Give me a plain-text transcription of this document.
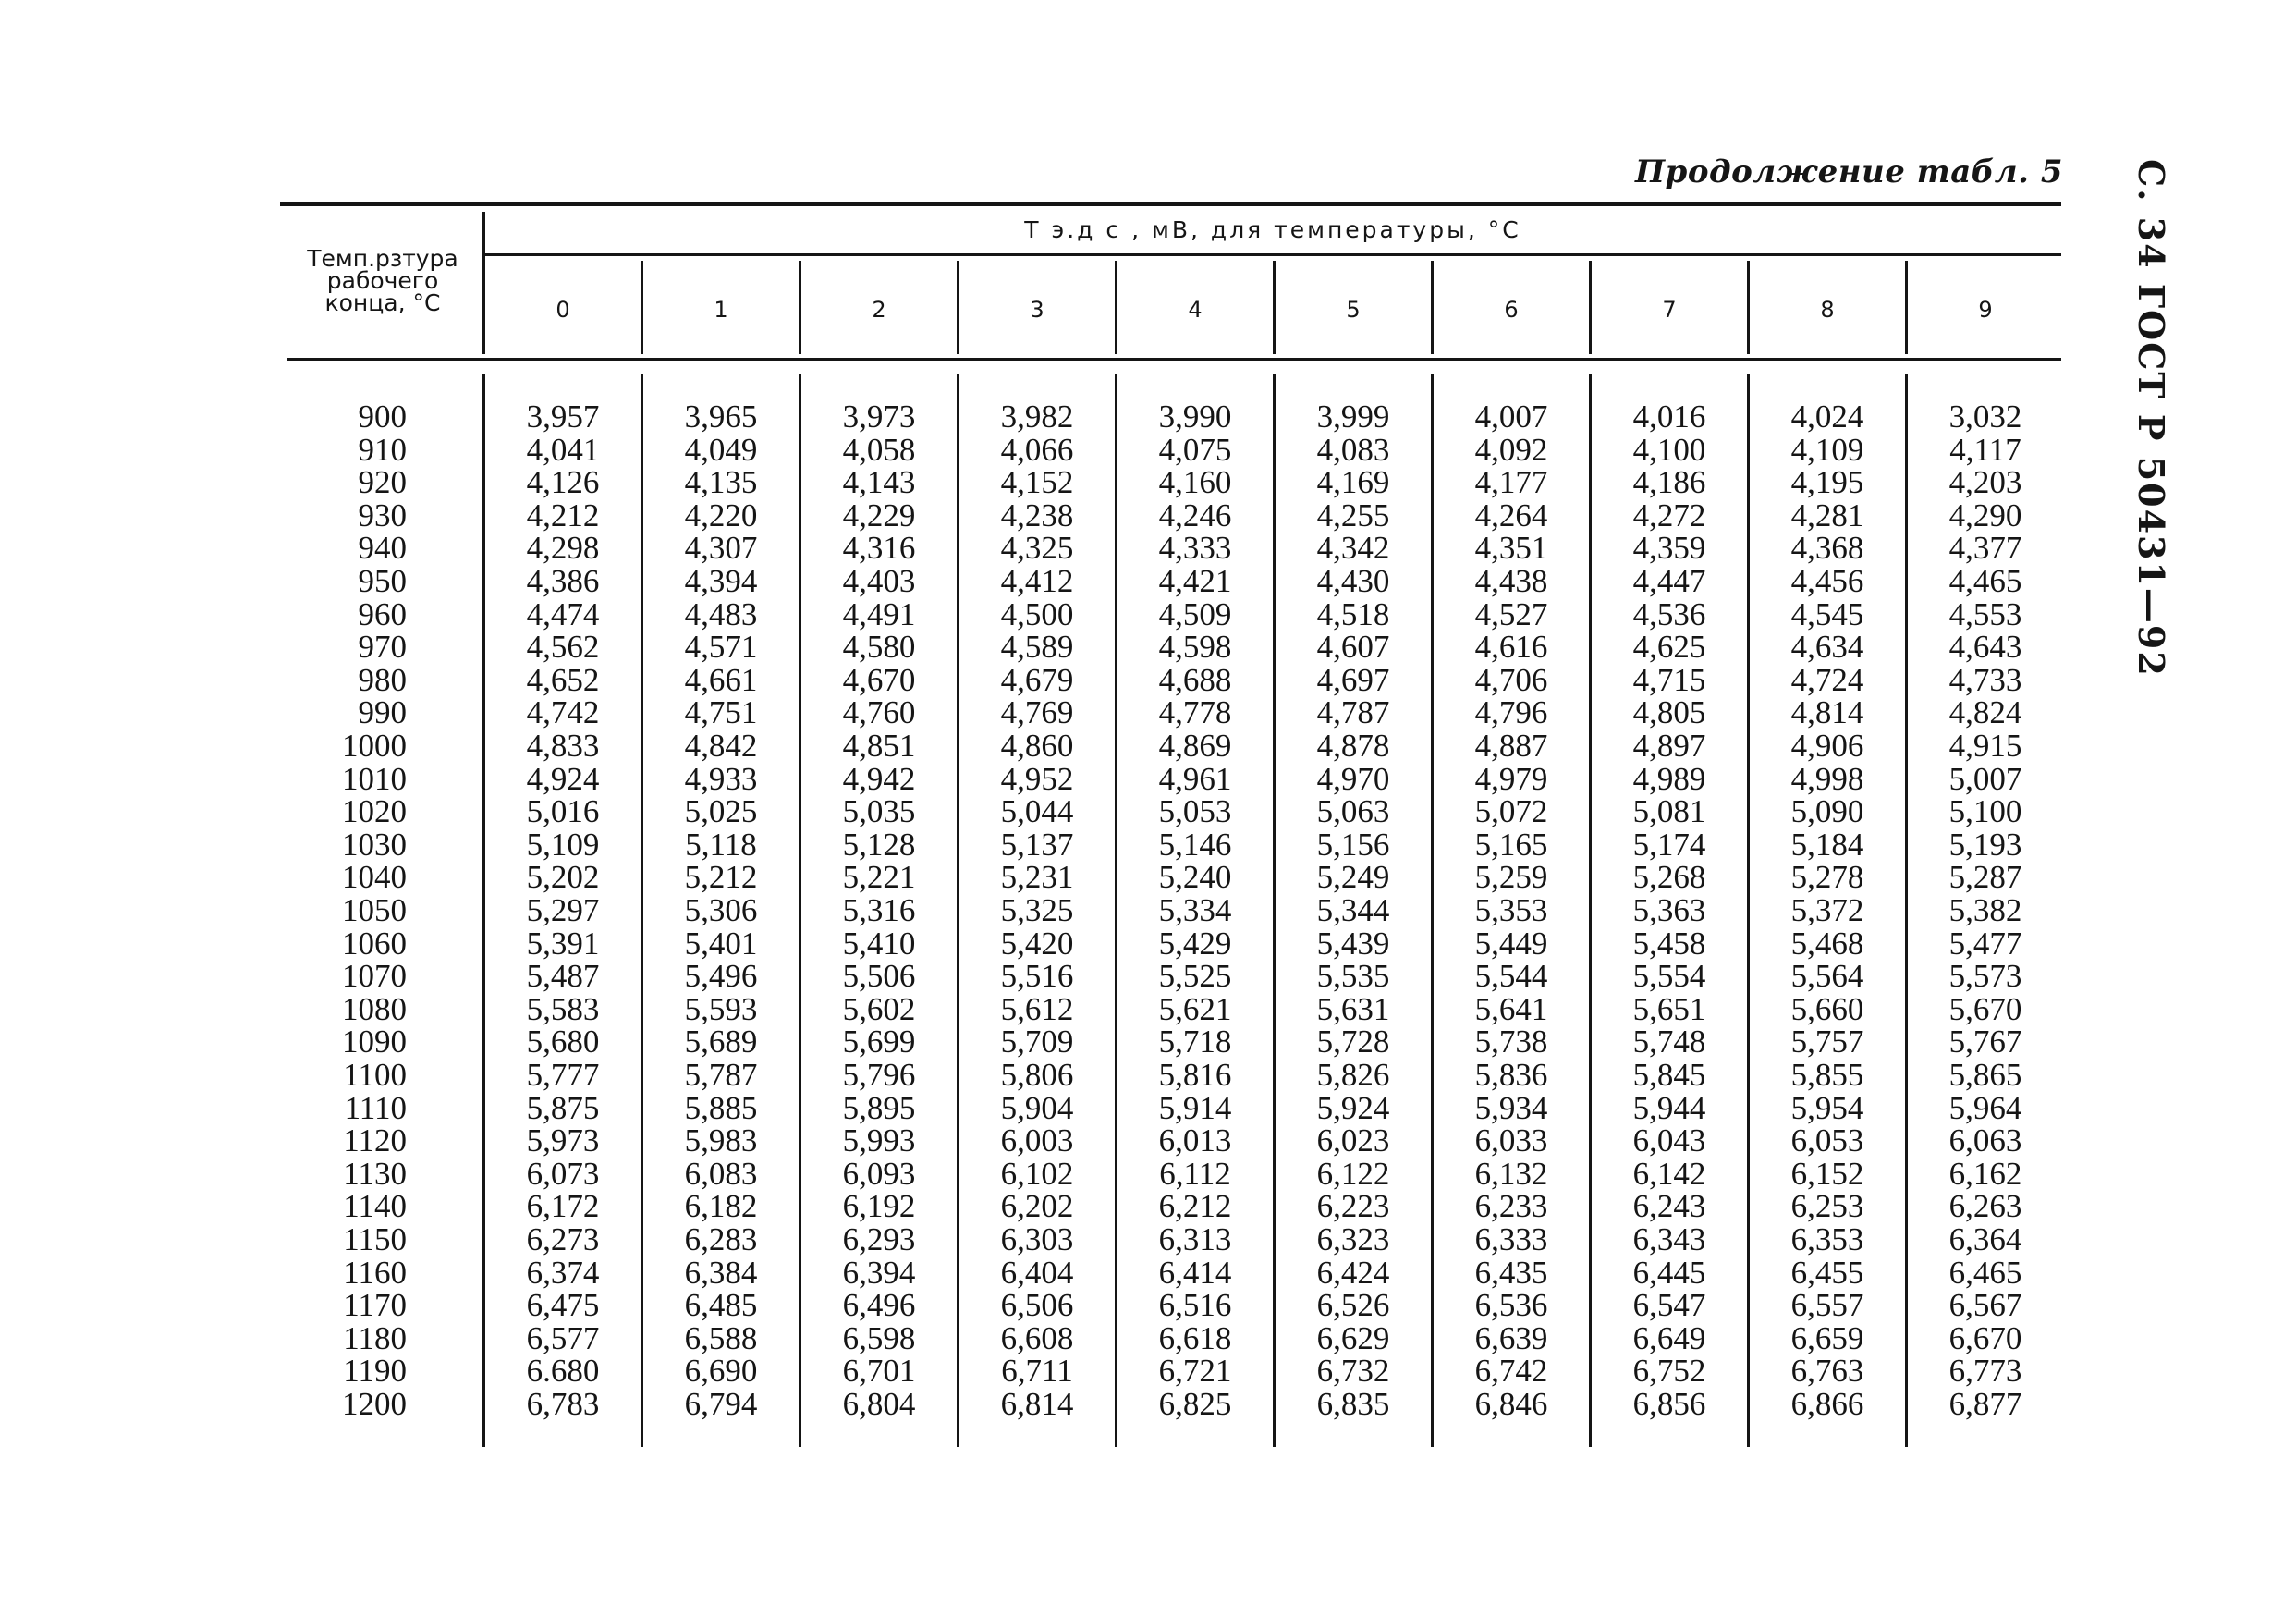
Продолжение табл. 5 С. 34 ГОСТ Р 50431—92
Т э.д с , мВ, для температуры, °С
Темп.рзтура
рабочего
конца, °С	0	1	2	3	4	5	6	7	8	9
900	3,957	3,965	3,973	3,982	3,990	3,999	4,007	4,016	4,024	3,032
910	4,041	4,049	4,058	4,066	4,075	4,083	4,092	4,100	4,109	4,117
920	4,126	4,135	4,143	4,152	4,160	4,169	4,177	4,186	4,195	4,203
930	4,212	4,220	4,229	4,238	4,246	4,255	4,264	4,272	4,281	4,290
940	4,298	4,307	4,316	4,325	4,333	4,342	4,351	4,359	4,368	4,377
950	4,386	4,394	4,403	4,412	4,421	4,430	4,438	4,447	4,456	4,465
960	4,474	4,483	4,491	4,500	4,509	4,518	4,527	4,536	4,545	4,553
970	4,562	4,571	4,580	4,589	4,598	4,607	4,616	4,625	4,634	4,643
980	4,652	4,661	4,670	4,679	4,688	4,697	4,706	4,715	4,724	4,733
990	4,742	4,751	4,760	4,769	4,778	4,787	4,796	4,805	4,814	4,824
1000	4,833	4,842	4,851	4,860	4,869	4,878	4,887	4,897	4,906	4,915
1010	4,924	4,933	4,942	4,952	4,961	4,970	4,979	4,989	4,998	5,007
1020	5,016	5,025	5,035	5,044	5,053	5,063	5,072	5,081	5,090	5,100
1030	5,109	5,118	5,128	5,137	5,146	5,156	5,165	5,174	5,184	5,193
1040	5,202	5,212	5,221	5,231	5,240	5,249	5,259	5,268	5,278	5,287
1050	5,297	5,306	5,316	5,325	5,334	5,344	5,353	5,363	5,372	5,382
1060	5,391	5,401	5,410	5,420	5,429	5,439	5,449	5,458	5,468	5,477
1070	5,487	5,496	5,506	5,516	5,525	5,535	5,544	5,554	5,564	5,573
1080	5,583	5,593	5,602	5,612	5,621	5,631	5,641	5,651	5,660	5,670
1090	5,680	5,689	5,699	5,709	5,718	5,728	5,738	5,748	5,757	5,767
1100	5,777	5,787	5,796	5,806	5,816	5,826	5,836	5,845	5,855	5,865
1110	5,875	5,885	5,895	5,904	5,914	5,924	5,934	5,944	5,954	5,964
1120	5,973	5,983	5,993	6,003	6,013	6,023	6,033	6,043	6,053	6,063
1130	6,073	6,083	6,093	6,102	6,112	6,122	6,132	6,142	6,152	6,162
1140	6,172	6,182	6,192	6,202	6,212	6,223	6,233	6,243	6,253	6,263
1150	6,273	6,283	6,293	6,303	6,313	6,323	6,333	6,343	6,353	6,364
1160	6,374	6,384	6,394	6,404	6,414	6,424	6,435	6,445	6,455	6,465
1170	6,475	6,485	6,496	6,506	6,516	6,526	6,536	6,547	6,557	6,567
1180	6,577	6,588	6,598	6,608	6,618	6,629	6,639	6,649	6,659	6,670
1190	6.680	6,690	6,701	6,711	6,721	6,732	6,742	6,752	6,763	6,773
1200	6,783	6,794	6,804	6,814	6,825	6,835	6,846	6,856	6,866	6,877
